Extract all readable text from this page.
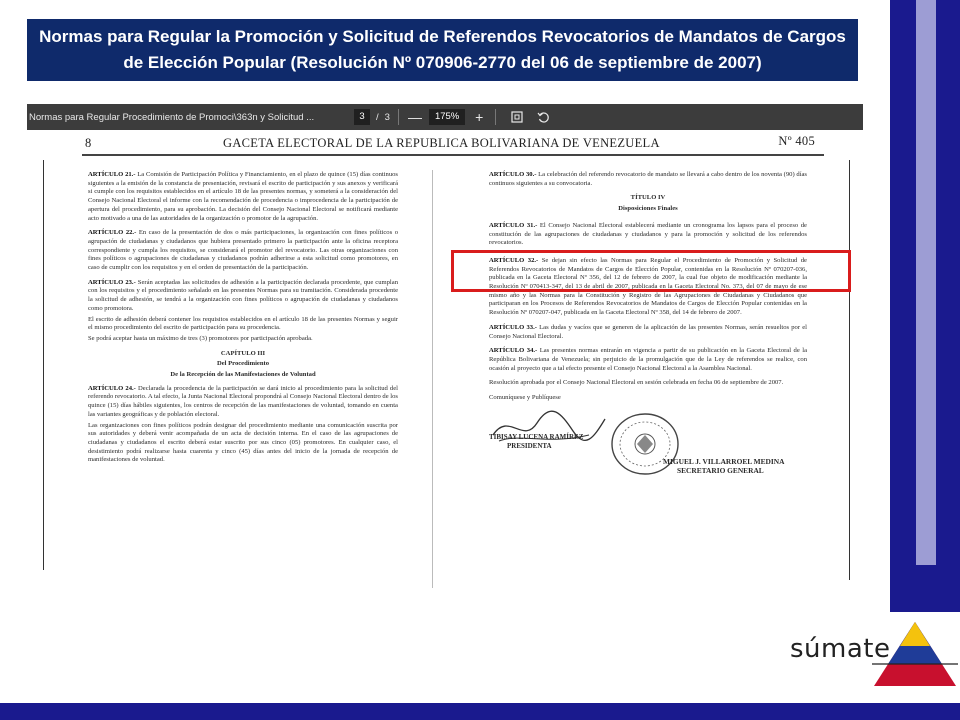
Normas para Regular la Promoción y Solicitud de Referendos Revocatorios de Mandatos de Cargos de Elección Popular (Resolución Nº 070906-2770 del 06 de septiembre de 2007)
Normas para Regular Procedimiento de Promoci\363n y Solicitud ...	3	/ 3 —	175%	+
8	GACETA ELECTORAL DE LA REPUBLICA BOLIVARIANA DE VENEZUELA	Nº 405

ARTÍCULO 21.- La Comisión de Participación Política y Financiamiento, en el plazo de quince (15) días continuos siguientes a la emisión de la constancia de presentación, revisará el escrito de participación y sus anexos y verificará si cumple con los requisitos establecidos en el artículo 18 de las presentes normas, y someterá a la consideración del Consejo Nacional Electoral el informe con la recomendación de procedencia o improcedencia de la participación de apertura del procedimiento, para su aprobación. La decisión del Consejo Nacional Electoral se notificará mediante acto motivado a una de las autoridades de la organización o promotor de la agrupación.

ARTÍCULO 22.- En caso de la presentación de dos o más participaciones, la organización con fines políticos o agrupación de ciudadanas y ciudadanos que hubiera presentado primero la participación ante la oficina receptora correspondiente y cumpla los requisitos, se considerará el promotor del revocatorio. Las otras organizaciones con fines políticos o agrupaciones de ciudadanas y ciudadanos podrán adherirse a esta solicitud como promotores, en caso de cumplir con los requisitos y en el orden de presentación de la participación.

ARTÍCULO 23.- Serán aceptadas las solicitudes de adhesión a la participación declarada procedente, que cumplan con los requisitos y el procedimiento señalado en las presentes Normas para su tramitación. Considerada procedente la solicitud de adhesión, se tendrá a la organización con fines políticos o agrupación de ciudadanas y ciudadanos como promotora.

El escrito de adhesión deberá contener los requisitos establecidos en el artículo 18 de las presentes Normas y seguir el mismo procedimiento del escrito de participación para su procedencia.

Se podrá aceptar hasta un máximo de tres (3) promotores por participación aprobada.

CAPÍTULO III
Del Procedimiento
De la Recepción de las Manifestaciones de Voluntad

ARTÍCULO 24.- Declarada la procedencia de la participación se dará inicio al procedimiento para la solicitud del referendo revocatorio. A tal efecto, la Junta Nacional Electoral propondrá al Consejo Nacional Electoral dentro de los quince (15) días hábiles siguientes, los centros de recepción de las manifestaciones de voluntad, tomando en cuenta las variantes geográficas y de población electoral.

Las organizaciones con fines políticos podrán designar del procedimiento mediante una comunicación suscrita por sus autoridades y deberá venir acompañada de un acta de decisión interna. En el caso de las agrupaciones de ciudadanas y ciudadanos el escrito deberá estar suscrito por sus cinco (05) promotores. En cualquier caso, el desistimiento podrá realizarse hasta cuarenta y cinco (45) días antes del inicio de la jornada de recepción de manifestaciones de voluntad.

ARTÍCULO 30.- La celebración del referendo revocatorio de mandato se llevará a cabo dentro de los noventa (90) días continuos siguientes a su convocatoria.

TÍTULO IV
Disposiciones Finales

ARTÍCULO 31.- El Consejo Nacional Electoral establecerá mediante un cronograma los lapsos para el proceso de constitución de las agrupaciones de ciudadanas y ciudadanos y para la promoción y solicitud de los referendos revocatorios.

ARTÍCULO 32.- Se dejan sin efecto las Normas para Regular el Procedimiento de Promoción y Solicitud de Referendos Revocatorios de Mandatos de Cargos de Elección Popular, contenidas en la Resolución Nº 070207-036, publicada en la Gaceta Electoral Nº 356, del 12 de febrero de 2007, la cual fue objeto de modificación mediante la Resolución Nº 070413-347, del 13 de abril de 2007, publicada en la Gaceta Electoral No. 373, del 07 de mayo de ese mismo año y las Normas para la Constitución y Registro de las Agrupaciones de Ciudadanas y Ciudadanos que participaran en los Procesos de Referendos Revocatorios de Mandatos de Cargos de Elección Popular contenidas en la Resolución Nº 070207-047, publicada en la Gaceta Electoral Nº 358, del 14 de febrero de 2007.

ARTÍCULO 33.- Las dudas y vacíos que se generen de la aplicación de las presentes Normas, serán resueltos por el Consejo Nacional Electoral.

ARTÍCULO 34.- Las presentes normas entrarán en vigencia a partir de su publicación en la Gaceta Electoral de la República Bolivariana de Venezuela; sin perjuicio de la promulgación que de la Ley de referendos se realice, con ocasión al proyecto que a tal efecto presente el Consejo Nacional Electoral a la Asamblea Nacional.

Resolución aprobada por el Consejo Nacional Electoral en sesión celebrada en fecha 06 de septiembre de 2007.

Comuníquese y Publíquese

TIBISAY LUCENA RAMÍREZ
PRESIDENTA
MIGUEL J. VILLARROEL MEDINA
SECRETARIO GENERAL
súmate
